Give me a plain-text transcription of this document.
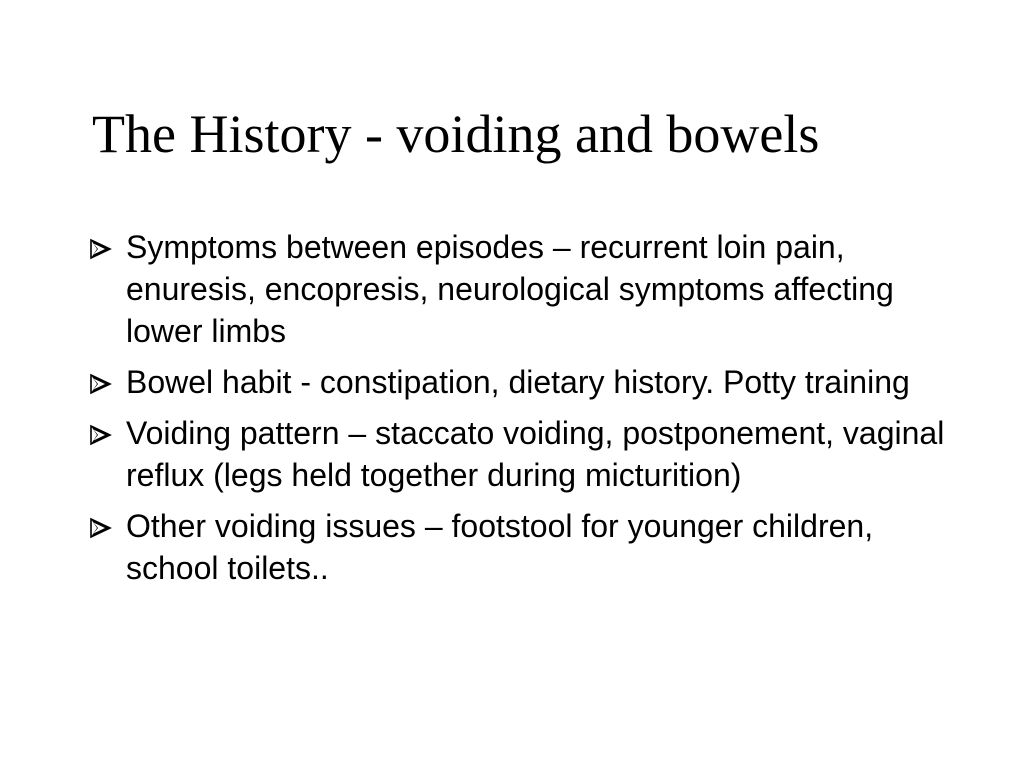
The History - voiding and bowels
Symptoms between episodes – recurrent loin pain, enuresis, encopresis, neurological symptoms affecting lower limbs
Bowel habit - constipation, dietary history. Potty training
Voiding pattern – staccato voiding, postponement, vaginal reflux (legs held together during micturition)
Other voiding issues – footstool for younger children, school toilets..
